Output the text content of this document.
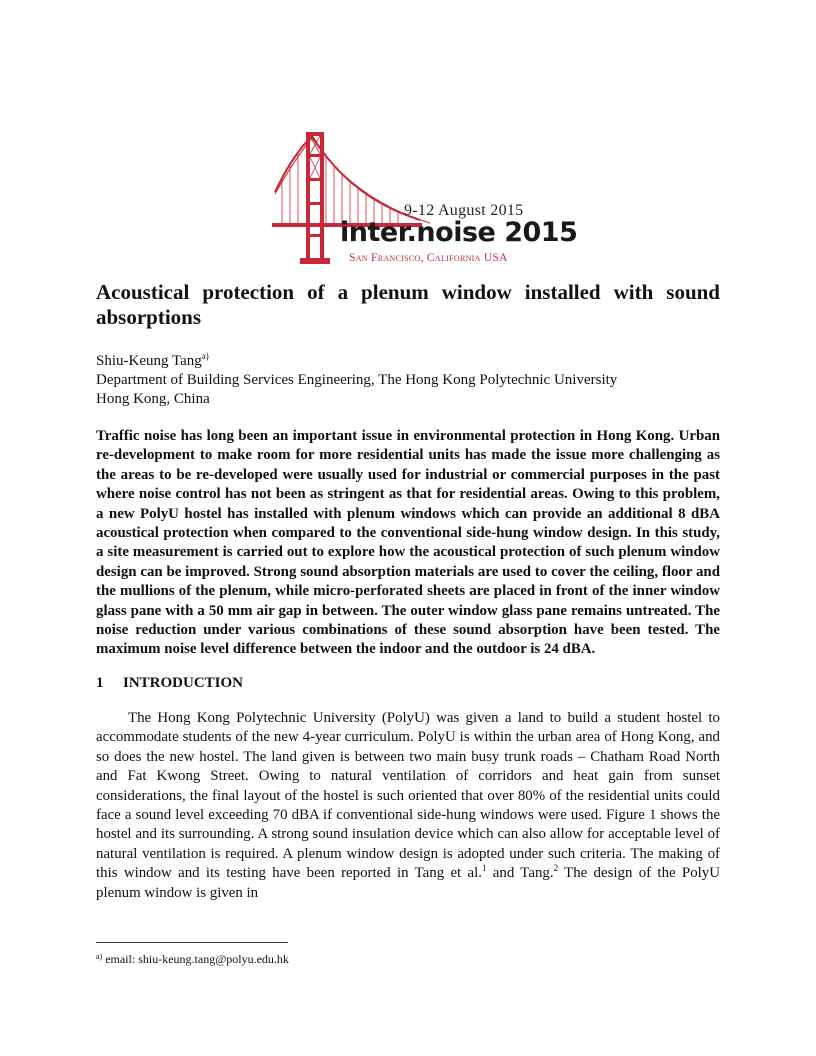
9-12 August 2015
inter.noise 2015
San Francisco, California USA
Acoustical protection of a plenum window installed with sound absorptions
Shiu-Keung Tang$^{a)}$
Department of Building Services Engineering, The Hong Kong Polytechnic University
Hong Kong, China

Traffic noise has long been an important issue in environmental protection in Hong Kong. Urban re-development to make room for more residential units has made the issue more challenging as the areas to be re-developed were usually used for industrial or commercial purposes in the past where noise control has not been as stringent as that for residential areas. Owing to this problem, a new PolyU hostel has installed with plenum windows which can provide an additional 8 dBA acoustical protection when compared to the conventional side-hung window design. In this study, a site measurement is carried out to explore how the acoustical protection of such plenum window design can be improved. Strong sound absorption materials are used to cover the ceiling, floor and the mullions of the plenum, while micro-perforated sheets are placed in front of the inner window glass pane with a 50 mm air gap in between. The outer window glass pane remains untreated. The noise reduction under various combinations of these sound absorption have been tested. The maximum noise level difference between the indoor and the outdoor is 24 dBA.

1 INTRODUCTION

The Hong Kong Polytechnic University (PolyU) was given a land to build a student hostel to accommodate students of the new 4-year curriculum. PolyU is within the urban area of Hong Kong, and so does the new hostel. The land given is between two main busy trunk roads – Chatham Road North and Fat Kwong Street. Owing to natural ventilation of corridors and heat gain from sunset considerations, the final layout of the hostel is such oriented that over 80% of the residential units could face a sound level exceeding 70 dBA if conventional side-hung windows were used. Figure 1 shows the hostel and its surrounding. A strong sound insulation device which can also allow for acceptable level of natural ventilation is required. A plenum window design is adopted under such criteria. The making of this window and its testing have been reported in Tang et al.$^1$ and Tang.$^2$ The design of the PolyU plenum window is given in

$^{a)}$ email: shiu-keung.tang@polyu.edu.hk
